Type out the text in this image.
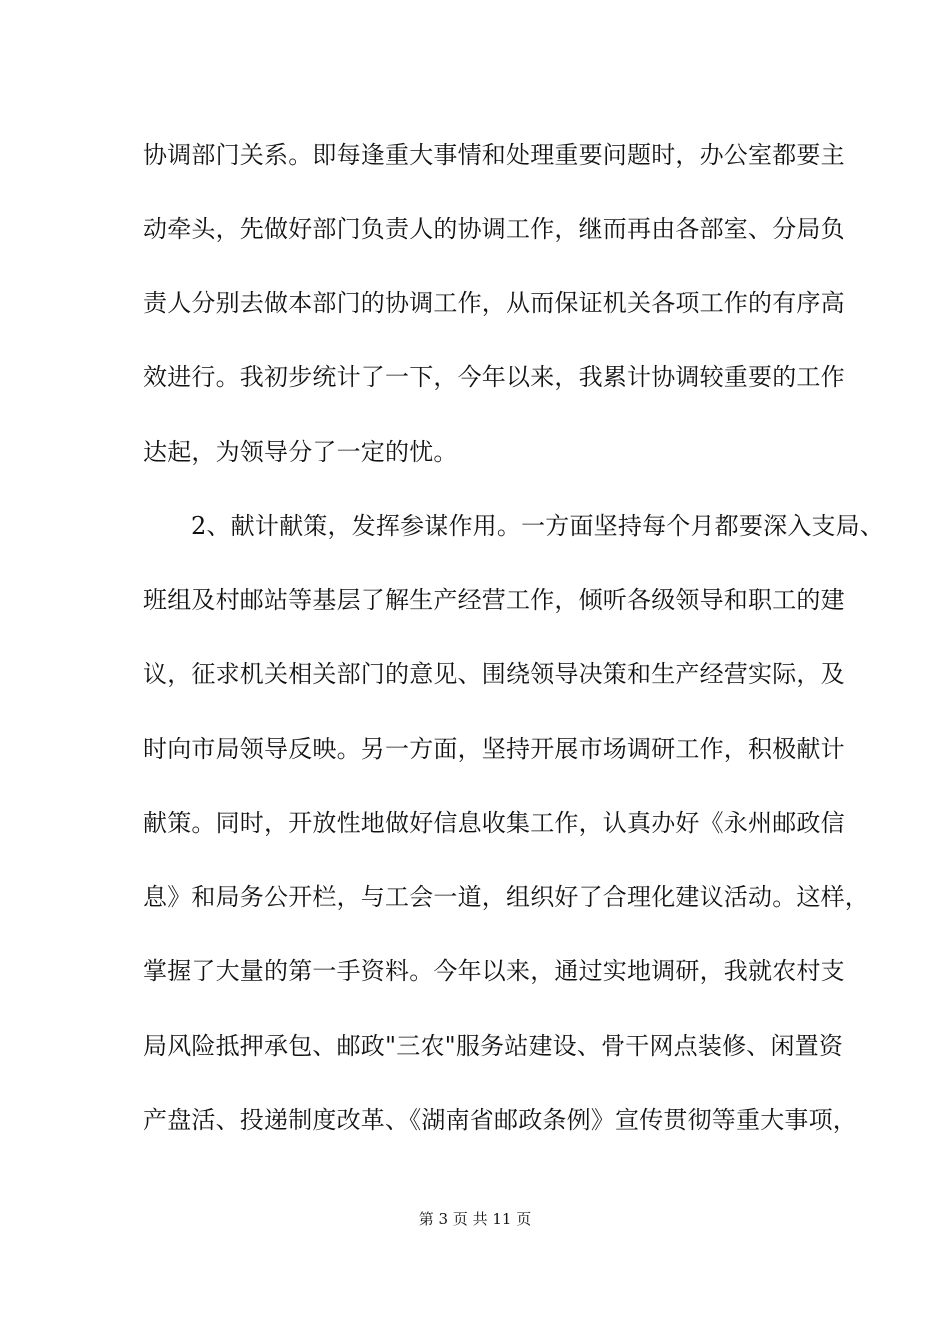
协调部门关系。即每逢重大事情和处理重要问题时，办公室都要主
动牵头，先做好部门负责人的协调工作，继而再由各部室、分局负
责人分别去做本部门的协调工作，从而保证机关各项工作的有序高
效进行。我初步统计了一下，今年以来，我累计协调较重要的工作
达起，为领导分了一定的忧。
2、献计献策，发挥参谋作用。一方面坚持每个月都要深入支局、
班组及村邮站等基层了解生产经营工作，倾听各级领导和职工的建
议，征求机关相关部门的意见、围绕领导决策和生产经营实际，及
时向市局领导反映。另一方面，坚持开展市场调研工作，积极献计
献策。同时，开放性地做好信息收集工作，认真办好《永州邮政信
息》和局务公开栏，与工会一道，组织好了合理化建议活动。这样，
掌握了大量的第一手资料。今年以来，通过实地调研，我就农村支
局风险抵押承包、邮政"三农"服务站建设、骨干网点装修、闲置资
产盘活、投递制度改革、《湖南省邮政条例》宣传贯彻等重大事项，
第 3 页 共 11 页
